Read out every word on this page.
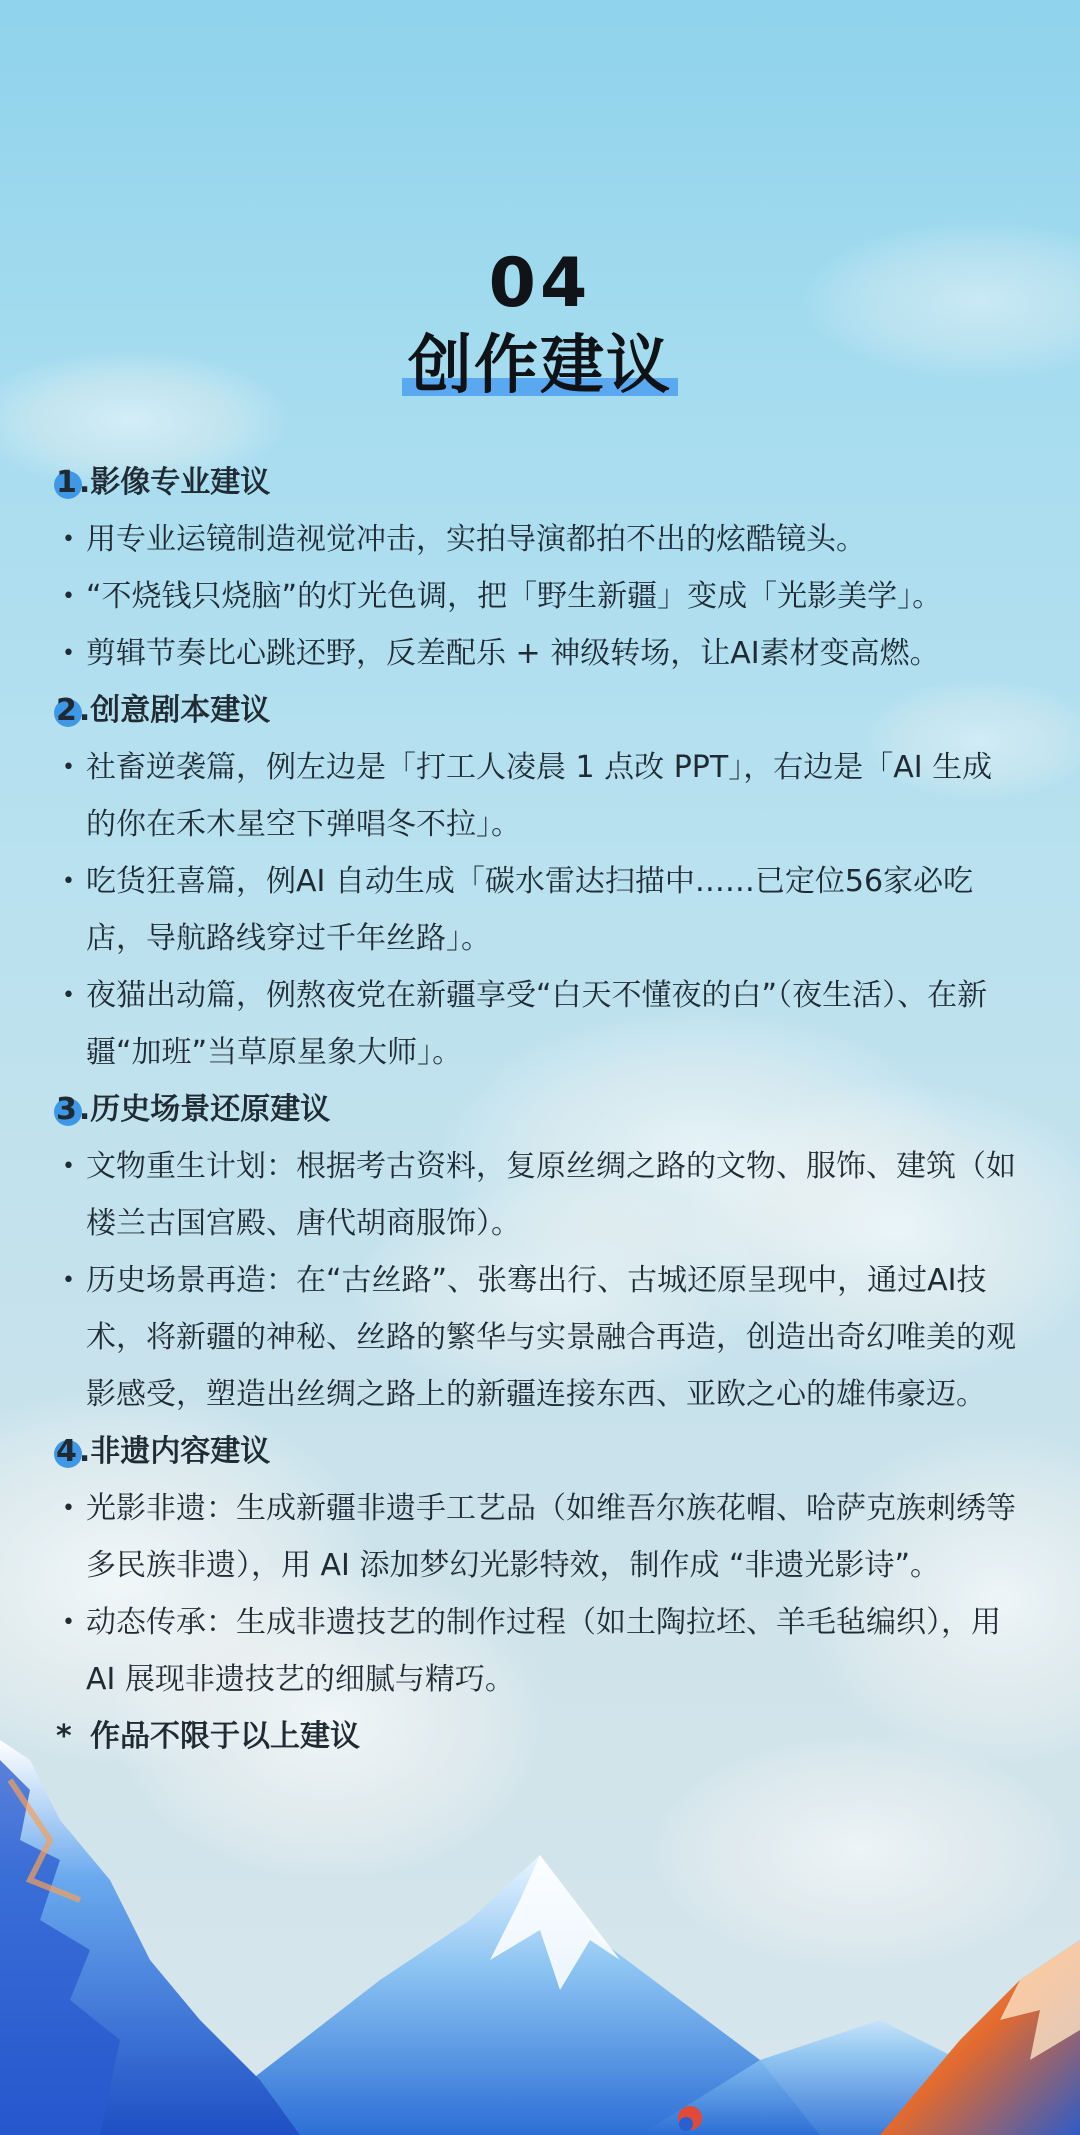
04
创作建议
1.影像专业建议
• 用专业运镜制造视觉冲击，实拍导演都拍不出的炫酷镜头。
• “不烧钱只烧脑”的灯光色调，把「野生新疆」变成「光影美学」。
• 剪辑节奏比心跳还野，反差配乐 + 神级转场，让AI素材变高燃。
2.创意剧本建议
• 社畜逆袭篇，例左边是「打工人凌晨 1 点改 PPT」，右边是「AI 生成的你在禾木星空下弹唱冬不拉」。
• 吃货狂喜篇，例AI 自动生成「碳水雷达扫描中……已定位56家必吃店，导航路线穿过千年丝路」。
• 夜猫出动篇，例熬夜党在新疆享受“白天不懂夜的白”（夜生活）、在新 疆“加班”当草原星象大师」。
3.历史场景还原建议
• 文物重生计划：根据考古资料，复原丝绸之路的文物、服饰、建筑（如楼兰古国宫殿、唐代胡商服饰）。
• 历史场景再造：在“古丝路”、张骞出行、古城还原呈现中，通过AI技术，将新疆的神秘、丝路的繁华与实景融合再造，创造出奇幻唯美的观影感受，塑造出丝绸之路上的新疆连接东西、亚欧之心的雄伟豪迈。
4.非遗内容建议
• 光影非遗：生成新疆非遗手工艺品（如维吾尔族花帽、哈萨克族刺绣等多民族非遗），用 AI 添加梦幻光影特效，制作成 “非遗光影诗”。
• 动态传承：生成非遗技艺的制作过程（如土陶拉坯、羊毛毡编织），用 AI 展现非遗技艺的细腻与精巧。
* 作品不限于以上建议
